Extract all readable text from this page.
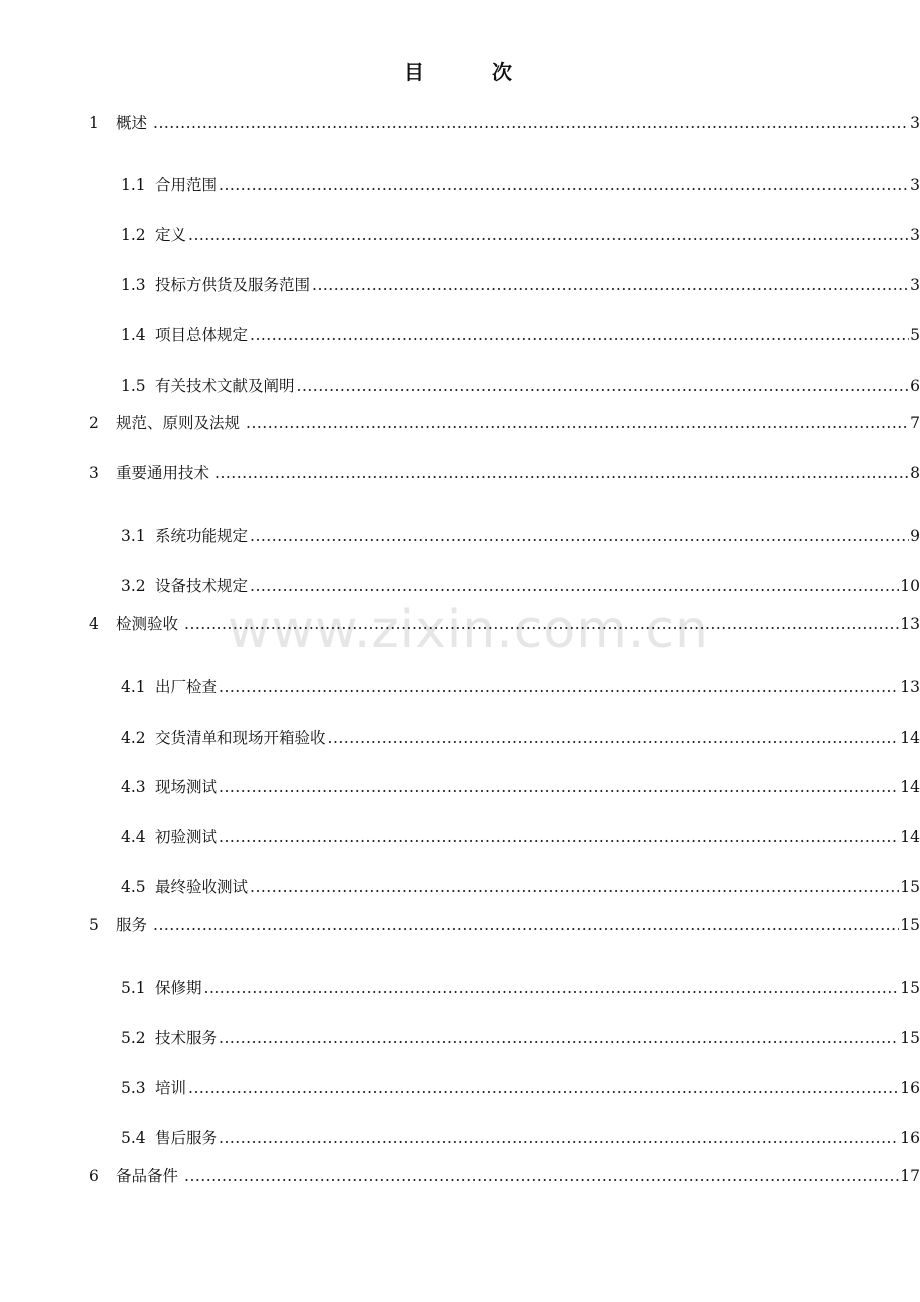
目　次
www.zixin.com.cn
1	概述 .....	3
1.1 合用范围 .....	3
1.2 定义 .....	3
1.3 投标方供货及服务范围 .....	3
1.4 项目总体规定 .....	5
1.5 有关技术文献及阐明 .....	6
2	规范、原则及法规 .....	7
3	重要通用技术 .....	8
3.1 系统功能规定 .....	9
3.2 设备技术规定 .....	10
4	检测验收 .....	13
4.1 出厂检查 .....	13
4.2 交货清单和现场开箱验收 .....	14
4.3 现场测试 .....	14
4.4 初验测试 .....	14
4.5 最终验收测试 .....	15
5	服务 .....	15
5.1 保修期 .....	15
5.2 技术服务 .....	15
5.3 培训 .....	16
5.4 售后服务 .....	16
6	备品备件 .....	17
